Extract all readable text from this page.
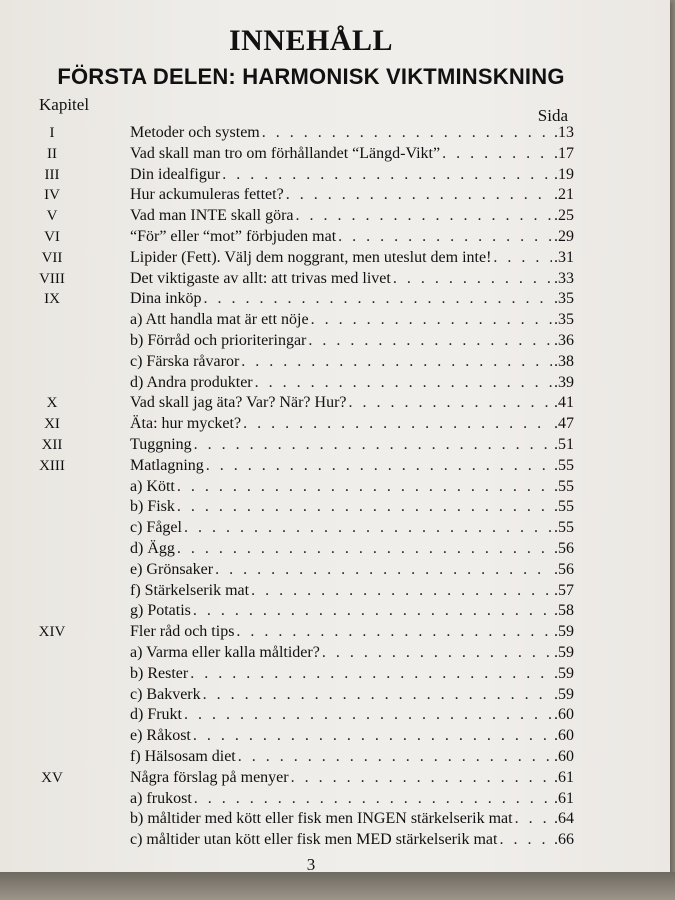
INNEHÅLL
FÖRSTA DELEN: HARMONISK VIKTMINSKNING
Kapitel
Sida
I	Metoder och system . . .	.13
II	Vad skall man tro om förhållandet “Längd-Vikt” . . .	.17
III	Din idealfigur . . .	.19
IV	Hur ackumuleras fettet? . . .	.21
V	Vad man INTE skall göra . . .	.25
VI	“För” eller “mot” förbjuden mat . . .	.29
VII	Lipider (Fett). Välj dem noggrant, men uteslut dem inte! . . .	.31
VIII	Det viktigaste av allt: att trivas med livet . . .	.33
IX	Dina inköp . . .	.35
a) Att handla mat är ett nöje . . .	.35
b) Förråd och prioriteringar . . .	.36
c) Färska råvaror . . .	.38
d) Andra produkter . . .	.39
X	Vad skall jag äta? Var? När? Hur? . . .	.41
XI	Äta: hur mycket? . . .	.47
XII	Tuggning . . .	.51
XIII	Matlagning . . .	.55
a) Kött . . .	.55
b) Fisk . . .	.55
c) Fågel . . .	.55
d) Ägg . . .	.56
e) Grönsaker . . .	.56
f) Stärkelserik mat . . .	.57
g) Potatis . . .	.58
XIV	Fler råd och tips . . .	.59
a) Varma eller kalla måltider? . . .	.59
b) Rester . . .	.59
c) Bakverk . . .	.59
d) Frukt . . .	.60
e) Råkost . . .	.60
f) Hälsosam diet . . .	.60
XV	Några förslag på menyer . . .	.61
a) frukost . . .	.61
b) måltider med kött eller fisk men INGEN stärkelserik mat . . .	.64
c) måltider utan kött eller fisk men MED stärkelserik mat . . .	.66
3
